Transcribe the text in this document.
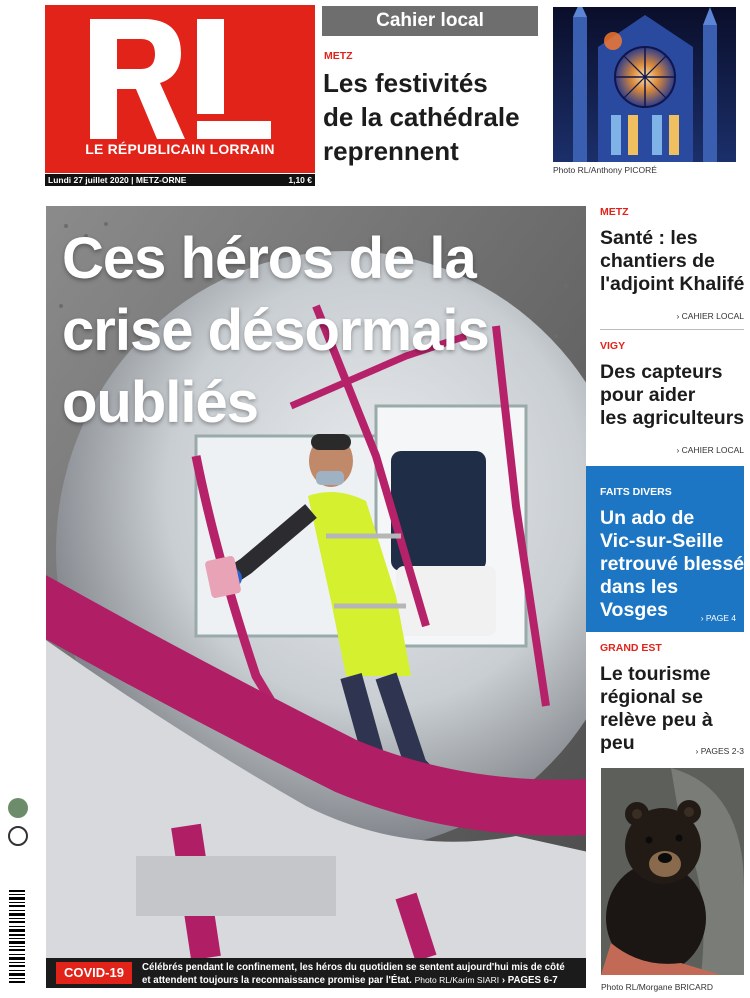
LE RÉPUBLICAIN LORRAIN
Lundi 27 juillet 2020 | METZ-ORNE	1,10 €
Cahier local
METZ
Les festivités
de la cathédrale
reprennent
Photo RL/Anthony PICORÉ
Ces héros de la
crise désormais
oubliés
COVID-19	Célébrés pendant le confinement, les héros du quotidien se sentent aujourd'hui mis de côté
et attendent toujours la reconnaissance promise par l'État. Photo RL/Karim SIARI › PAGES 6-7
METZ
Santé : les
chantiers de
l'adjoint Khalifé
› CAHIER LOCAL
VIGY
Des capteurs
pour aider
les agriculteurs
› CAHIER LOCAL
FAITS DIVERS
Un ado de
Vic-sur-Seille
retrouvé blessé
dans les Vosges	› PAGE 4
GRAND EST
Le tourisme
régional se
relève peu à peu	› PAGES 2-3
Photo RL/Morgane BRICARD
